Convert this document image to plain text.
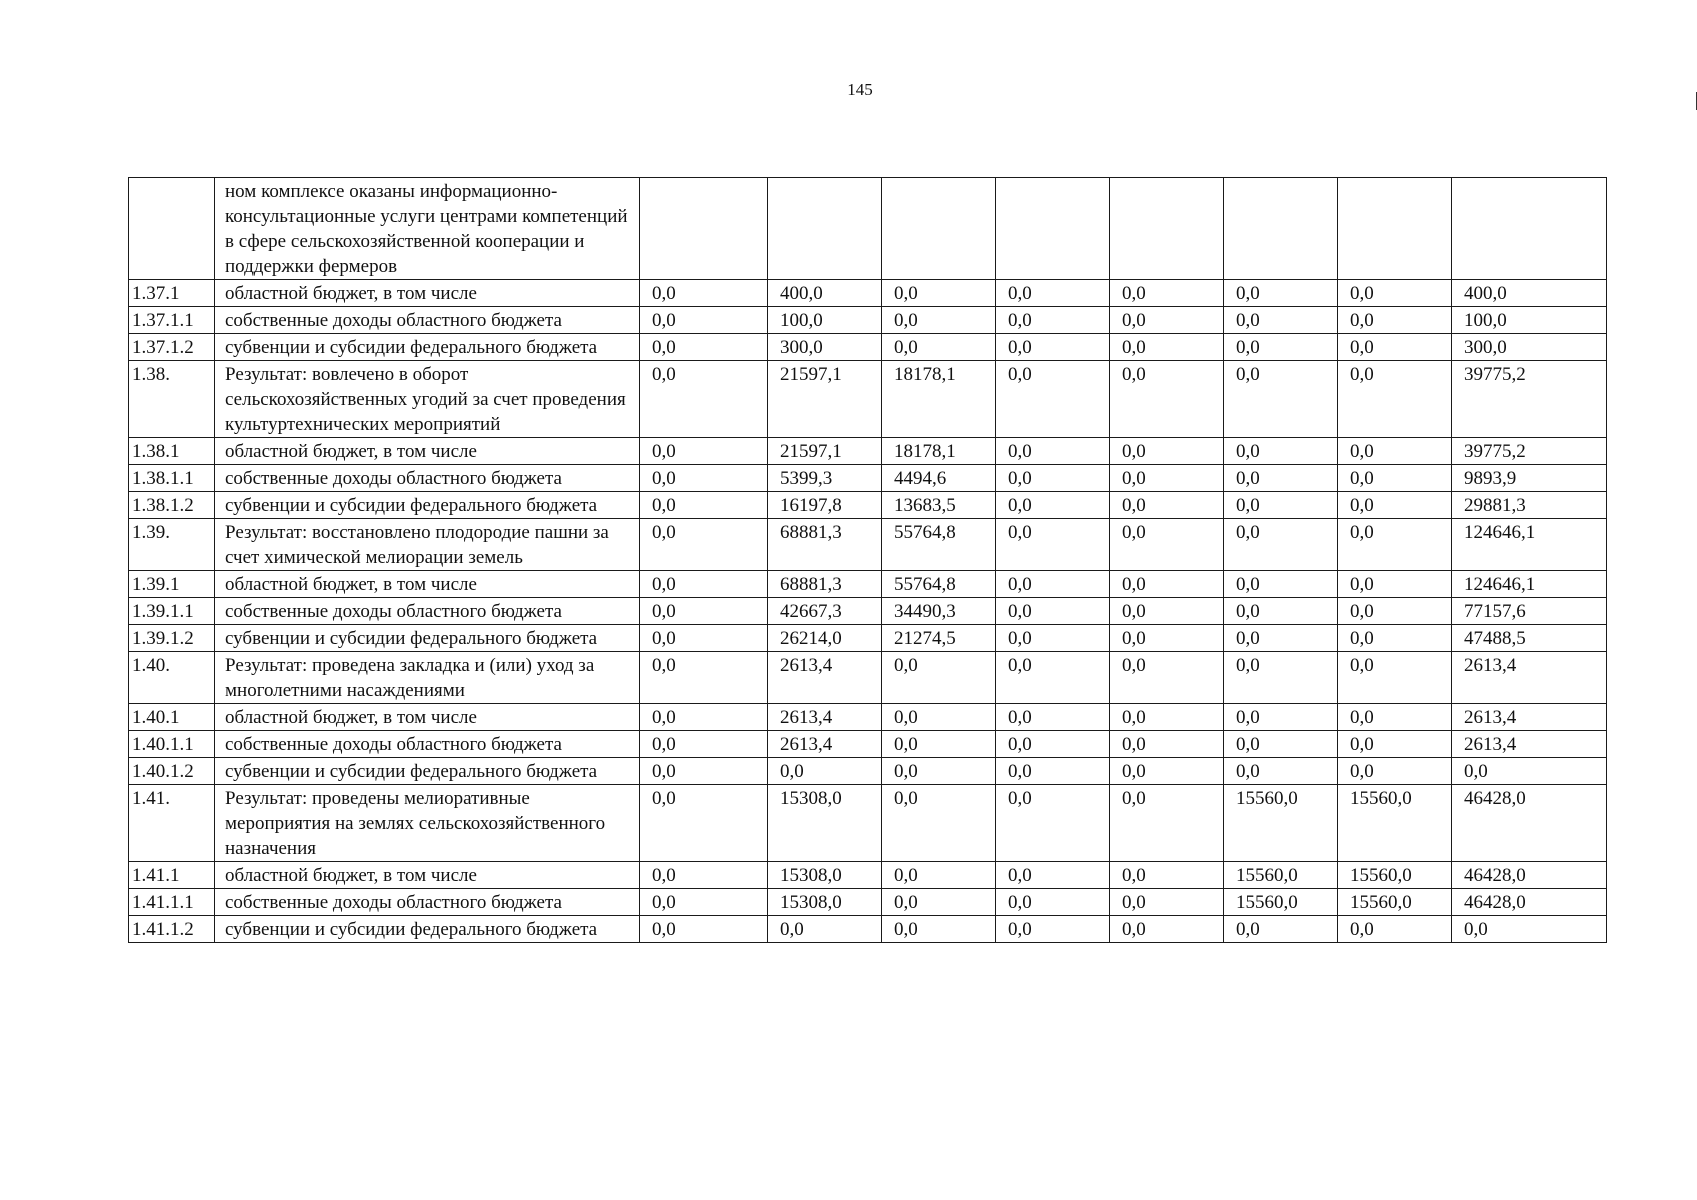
145
	ном комплексе оказаны информационно-консультационные услуги центрами компетенций в сфере сельскохозяйственной кооперации и поддержки фермеров								
1.37.1	областной бюджет, в том числе	0,0	400,0	0,0	0,0	0,0	0,0	0,0	400,0
1.37.1.1	собственные доходы областного бюджета	0,0	100,0	0,0	0,0	0,0	0,0	0,0	100,0
1.37.1.2	субвенции и субсидии федерального бюджета	0,0	300,0	0,0	0,0	0,0	0,0	0,0	300,0
1.38.	Результат: вовлечено в оборот сельскохозяйственных угодий за счет проведения культуртехнических мероприятий	0,0	21597,1	18178,1	0,0	0,0	0,0	0,0	39775,2
1.38.1	областной бюджет, в том числе	0,0	21597,1	18178,1	0,0	0,0	0,0	0,0	39775,2
1.38.1.1	собственные доходы областного бюджета	0,0	5399,3	4494,6	0,0	0,0	0,0	0,0	9893,9
1.38.1.2	субвенции и субсидии федерального бюджета	0,0	16197,8	13683,5	0,0	0,0	0,0	0,0	29881,3
1.39.	Результат: восстановлено плодородие пашни за счет химической мелиорации земель	0,0	68881,3	55764,8	0,0	0,0	0,0	0,0	124646,1
1.39.1	областной бюджет, в том числе	0,0	68881,3	55764,8	0,0	0,0	0,0	0,0	124646,1
1.39.1.1	собственные доходы областного бюджета	0,0	42667,3	34490,3	0,0	0,0	0,0	0,0	77157,6
1.39.1.2	субвенции и субсидии федерального бюджета	0,0	26214,0	21274,5	0,0	0,0	0,0	0,0	47488,5
1.40.	Результат: проведена закладка и (или) уход за многолетними насаждениями	0,0	2613,4	0,0	0,0	0,0	0,0	0,0	2613,4
1.40.1	областной бюджет, в том числе	0,0	2613,4	0,0	0,0	0,0	0,0	0,0	2613,4
1.40.1.1	собственные доходы областного бюджета	0,0	2613,4	0,0	0,0	0,0	0,0	0,0	2613,4
1.40.1.2	субвенции и субсидии федерального бюджета	0,0	0,0	0,0	0,0	0,0	0,0	0,0	0,0
1.41.	Результат: проведены мелиоративные мероприятия на землях сельскохозяйственного назначения	0,0	15308,0	0,0	0,0	0,0	15560,0	15560,0	46428,0
1.41.1	областной бюджет, в том числе	0,0	15308,0	0,0	0,0	0,0	15560,0	15560,0	46428,0
1.41.1.1	собственные доходы областного бюджета	0,0	15308,0	0,0	0,0	0,0	15560,0	15560,0	46428,0
1.41.1.2	субвенции и субсидии федерального бюджета	0,0	0,0	0,0	0,0	0,0	0,0	0,0	0,0
